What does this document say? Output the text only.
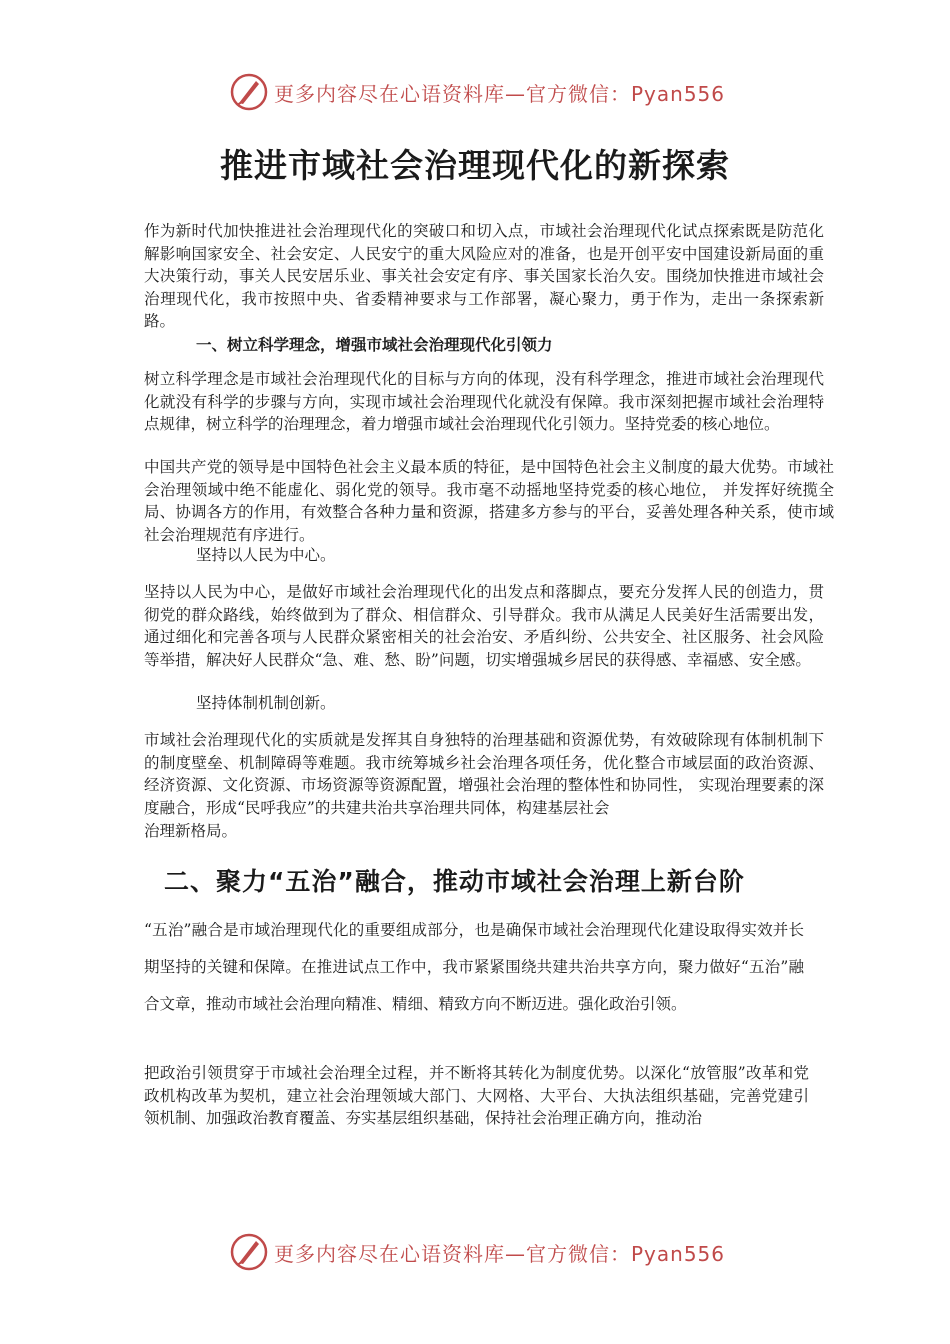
更多内容尽在心语资料库—官方微信：Pyan556
推进市域社会治理现代化的新探索

作为新时代加快推进社会治理现代化的突破口和切入点，市域社会治理现代化试点探索既是防范化解影响国家安全、社会安定、人民安宁的重大风险应对的准备，也是开创平安中国建设新局面的重大决策行动，事关人民安居乐业、事关社会安定有序、事关国家长治久安。围绕加快推进市域社会治理现代化，我市按照中央、省委精神要求与工作部署，凝心聚力，勇于作为，走出一条探索新路。

一、树立科学理念，增强市域社会治理现代化引领力

树立科学理念是市域社会治理现代化的目标与方向的体现，没有科学理念，推进市域社会治理现代化就没有科学的步骤与方向，实现市域社会治理现代化就没有保障。我市深刻把握市域社会治理特点规律，树立科学的治理理念，着力增强市域社会治理现代化引领力。坚持党委的核心地位。

中国共产党的领导是中国特色社会主义最本质的特征，是中国特色社会主义制度的最大优势。市域社会治理领域中绝不能虚化、弱化党的领导。我市毫不动摇地坚持党委的核心地位， 并发挥好统揽全局、协调各方的作用，有效整合各种力量和资源，搭建多方参与的平台，妥善处理各种关系，使市域社会治理规范有序进行。

坚持以人民为中心。

坚持以人民为中心，是做好市域社会治理现代化的出发点和落脚点，要充分发挥人民的创造力，贯彻党的群众路线，始终做到为了群众、相信群众、引导群众。我市从满足人民美好生活需要出发，通过细化和完善各项与人民群众紧密相关的社会治安、矛盾纠纷、公共安全、社区服务、社会风险等举措，解决好人民群众“急、难、愁、盼”问题，切实增强城乡居民的获得感、幸福感、安全感。

坚持体制机制创新。

市域社会治理现代化的实质就是发挥其自身独特的治理基础和资源优势，有效破除现有体制机制下的制度壁垒、机制障碍等难题。我市统筹城乡社会治理各项任务，优化整合市域层面的政治资源、经济资源、文化资源、市场资源等资源配置，增强社会治理的整体性和协同性， 实现治理要素的深度融合，形成“民呼我应”的共建共治共享治理共同体，构建基层社会

治理新格局。

二、聚力“五治”融合，推动市域社会治理上新台阶

“五治”融合是市域治理现代化的重要组成部分，也是确保市域社会治理现代化建设取得实效并长期坚持的关键和保障。在推进试点工作中，我市紧紧围绕共建共治共享方向，聚力做好“五治”融合文章，推动市域社会治理向精准、精细、精致方向不断迈进。强化政治引领。

把政治引领贯穿于市域社会治理全过程，并不断将其转化为制度优势。以深化“放管服”改革和党政机构改革为契机，建立社会治理领域大部门、大网格、大平台、大执法组织基础，完善党建引领机制、加强政治教育覆盖、夯实基层组织基础，保持社会治理正确方向，推动治

更多内容尽在心语资料库—官方微信：Pyan556
